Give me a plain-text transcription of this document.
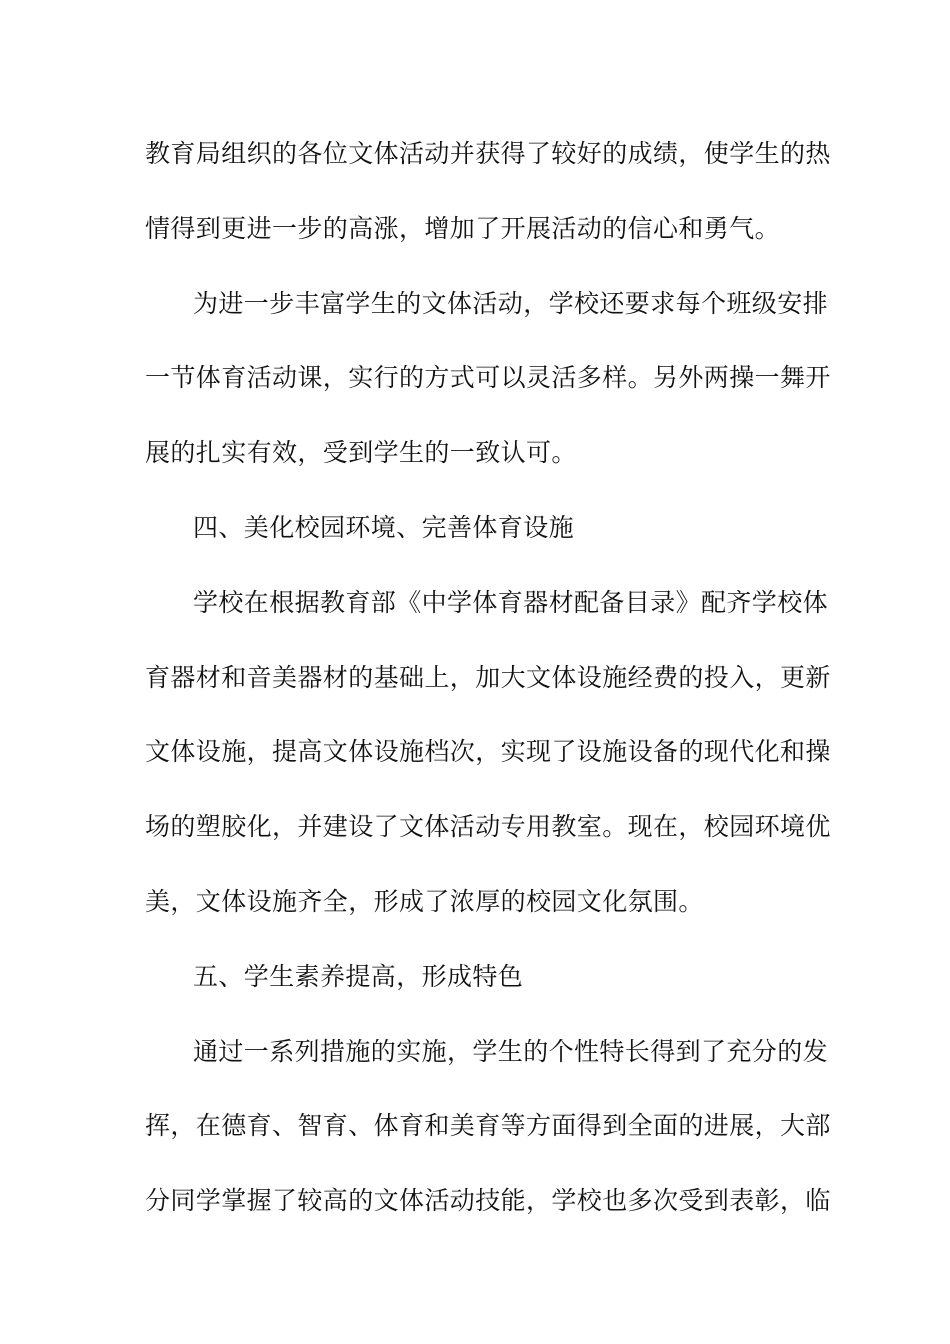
教育局组织的各位文体活动并获得了较好的成绩，使学生的热
情得到更进一步的高涨，增加了开展活动的信心和勇气。
为进一步丰富学生的文体活动，学校还要求每个班级安排
一节体育活动课，实行的方式可以灵活多样。另外两操一舞开
展的扎实有效，受到学生的一致认可。
四、美化校园环境、完善体育设施
学校在根据教育部《中学体育器材配备目录》配齐学校体
育器材和音美器材的基础上，加大文体设施经费的投入，更新
文体设施，提高文体设施档次，实现了设施设备的现代化和操
场的塑胶化，并建设了文体活动专用教室。现在，校园环境优
美，文体设施齐全，形成了浓厚的校园文化氛围。
五、学生素养提高，形成特色
通过一系列措施的实施，学生的个性特长得到了充分的发
挥，在德育、智育、体育和美育等方面得到全面的进展，大部
分同学掌握了较高的文体活动技能，学校也多次受到表彰，临
